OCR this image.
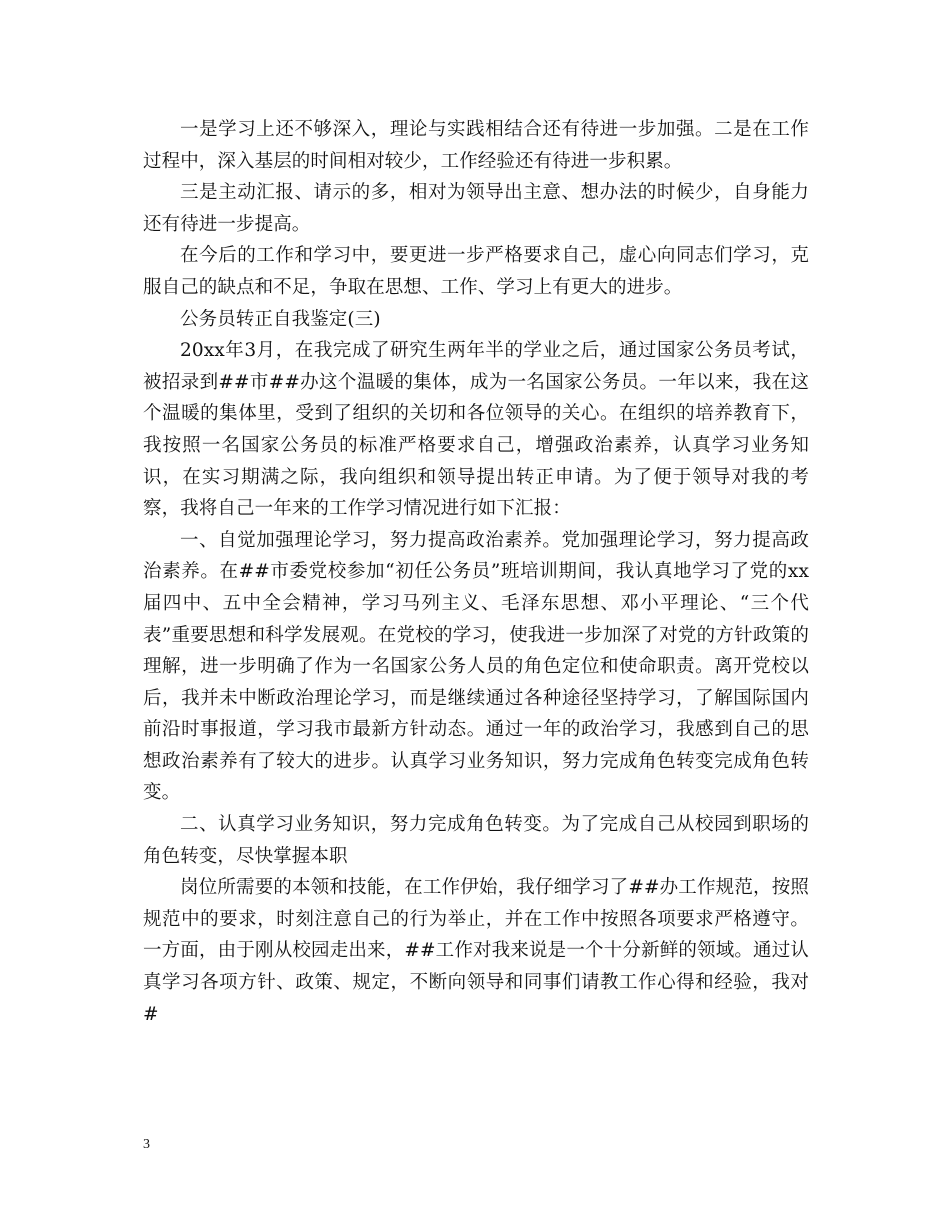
一是学习上还不够深入，理论与实践相结合还有待进一步加强。二是在工作过程中，深入基层的时间相对较少，工作经验还有待进一步积累。

三是主动汇报、请示的多，相对为领导出主意、想办法的时候少，自身能力还有待进一步提高。

在今后的工作和学习中，要更进一步严格要求自己，虚心向同志们学习，克服自己的缺点和不足，争取在思想、工作、学习上有更大的进步。

公务员转正自我鉴定(三)

20xx年3月，在我完成了研究生两年半的学业之后，通过国家公务员考试，被招录到##市##办这个温暖的集体，成为一名国家公务员。一年以来，我在这个温暖的集体里，受到了组织的关切和各位领导的关心。在组织的培养教育下，我按照一名国家公务员的标准严格要求自己，增强政治素养，认真学习业务知识，在实习期满之际，我向组织和领导提出转正申请。为了便于领导对我的考察，我将自己一年来的工作学习情况进行如下汇报：

一、自觉加强理论学习，努力提高政治素养。党加强理论学习，努力提高政治素养。在##市委党校参加“初任公务员”班培训期间，我认真地学习了党的xx届四中、五中全会精神，学习马列主义、毛泽东思想、邓小平理论、“三个代表”重要思想和科学发展观。在党校的学习，使我进一步加深了对党的方针政策的理解，进一步明确了作为一名国家公务人员的角色定位和使命职责。离开党校以后，我并未中断政治理论学习，而是继续通过各种途径坚持学习，了解国际国内前沿时事报道，学习我市最新方针动态。通过一年的政治学习，我感到自己的思想政治素养有了较大的进步。认真学习业务知识，努力完成角色转变完成角色转变。

二、认真学习业务知识，努力完成角色转变。为了完成自己从校园到职场的角色转变，尽快掌握本职

岗位所需要的本领和技能，在工作伊始，我仔细学习了##办工作规范，按照规范中的要求，时刻注意自己的行为举止，并在工作中按照各项要求严格遵守。一方面，由于刚从校园走出来，##工作对我来说是一个十分新鲜的领域。通过认真学习各项方针、政策、规定，不断向领导和同事们请教工作心得和经验，我对#

3
